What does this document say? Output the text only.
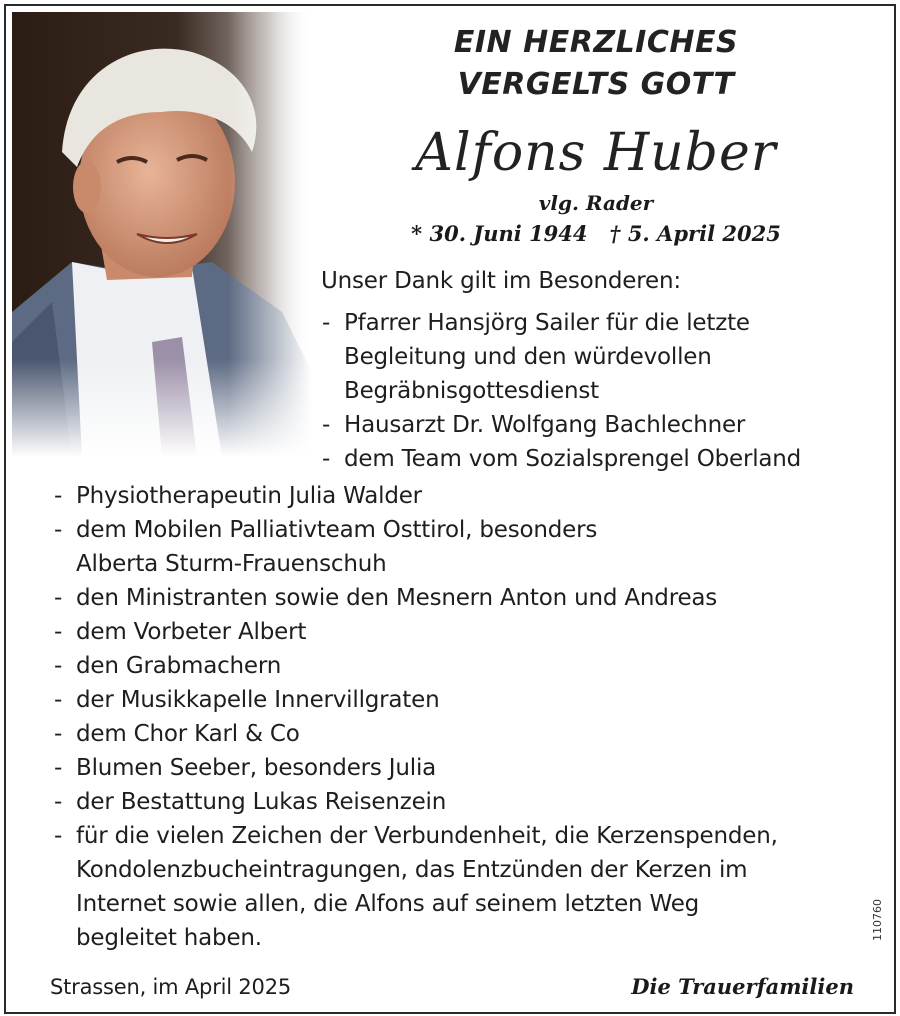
EIN HERZLICHES
VERGELTS GOTT
Alfons Huber
vlg. Rader
* 30. Juni 1944 † 5. April 2025
Unser Dank gilt im Besonderen:
- Pfarrer Hansjörg Sailer für die letzte
Begleitung und den würdevollen
Begräbnisgottesdienst
- Hausarzt Dr. Wolfgang Bachlechner
- dem Team vom Sozialsprengel Oberland
- Physiotherapeutin Julia Walder
- dem Mobilen Palliativteam Osttirol, besonders
Alberta Sturm-Frauenschuh
- den Ministranten sowie den Mesnern Anton und Andreas
- dem Vorbeter Albert
- den Grabmachern
- der Musikkapelle Innervillgraten
- dem Chor Karl & Co
- Blumen Seeber, besonders Julia
- der Bestattung Lukas Reisenzein
- für die vielen Zeichen der Verbundenheit, die Kerzenspenden,
Kondolenzbucheintragungen, das Entzünden der Kerzen im
Internet sowie allen, die Alfons auf seinem letzten Weg
begleitet haben.
Strassen, im April 2025	Die Trauerfamilien
110760
